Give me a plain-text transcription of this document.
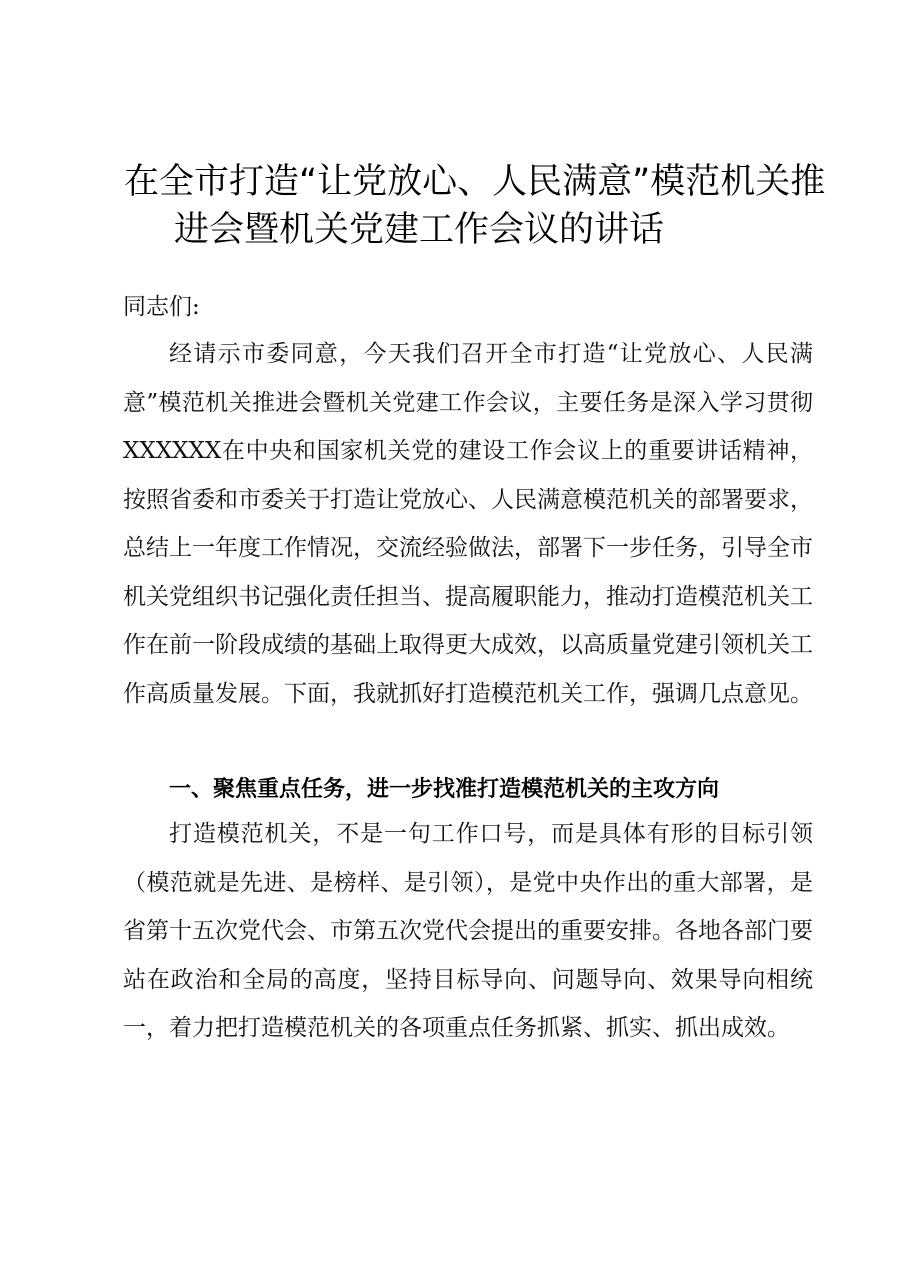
在全市打造“让党放心、人民满意”模范机关推
进会暨机关党建工作会议的讲话
同志们:

经请示市委同意，今天我们召开全市打造“让党放心、人民满意”模范机关推进会暨机关党建工作会议，主要任务是深入学习贯彻XXXXXX在中央和国家机关党的建设工作会议上的重要讲话精神，按照省委和市委关于打造让党放心、人民满意模范机关的部署要求，总结上一年度工作情况，交流经验做法，部署下一步任务，引导全市机关党组织书记强化责任担当、提高履职能力，推动打造模范机关工作在前一阶段成绩的基础上取得更大成效，以高质量党建引领机关工作高质量发展。下面，我就抓好打造模范机关工作，强调几点意见。

一、聚焦重点任务，进一步找准打造模范机关的主攻方向

打造模范机关，不是一句工作口号，而是具体有形的目标引领（模范就是先进、是榜样、是引领），是党中央作出的重大部署，是省第十五次党代会、市第五次党代会提出的重要安排。各地各部门要站在政治和全局的高度，坚持目标导向、问题导向、效果导向相统一，着力把打造模范机关的各项重点任务抓紧、抓实、抓出成效。
